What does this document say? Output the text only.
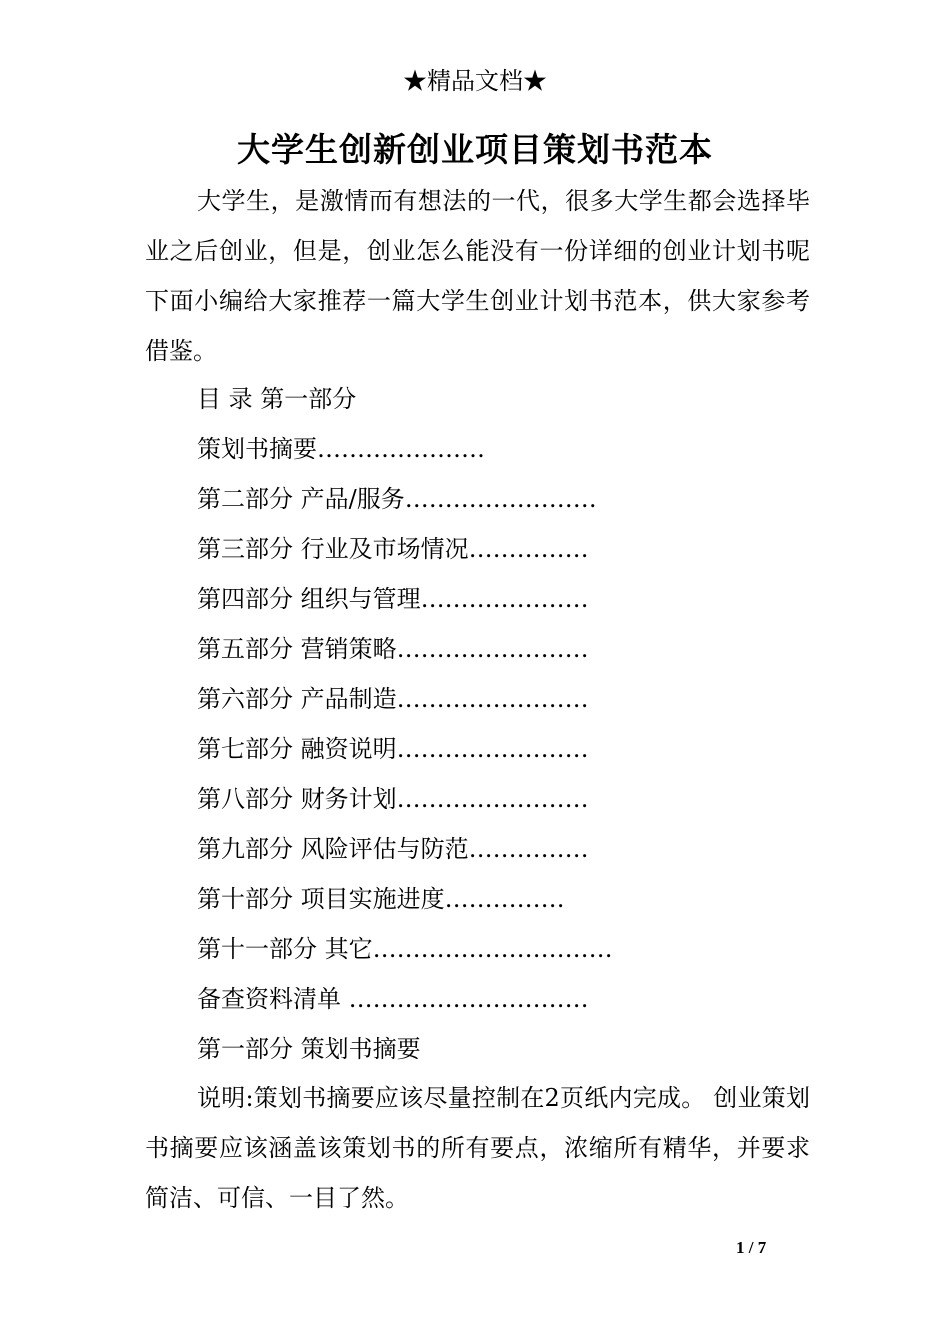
★精品文档★
大学生创新创业项目策划书范本

大学生，是激情而有想法的一代，很多大学生都会选择毕业之后创业，但是，创业怎么能没有一份详细的创业计划书呢下面小编给大家推荐一篇大学生创业计划书范本，供大家参考借鉴。

目 录 第一部分
策划书摘要…………………
第二部分 产品/服务……………………
第三部分 行业及市场情况……………
第四部分 组织与管理…………………
第五部分 营销策略……………………
第六部分 产品制造……………………
第七部分 融资说明……………………
第八部分 财务计划……………………
第九部分 风险评估与防范……………
第十部分 项目实施进度……………
第十一部分 其它…………………………
备查资料清单 …………………………
第一部分 策划书摘要

说明:策划书摘要应该尽量控制在2页纸内完成。 创业策划书摘要应该涵盖该策划书的所有要点，浓缩所有精华，并要求简洁、可信、一目了然。

1 / 7
